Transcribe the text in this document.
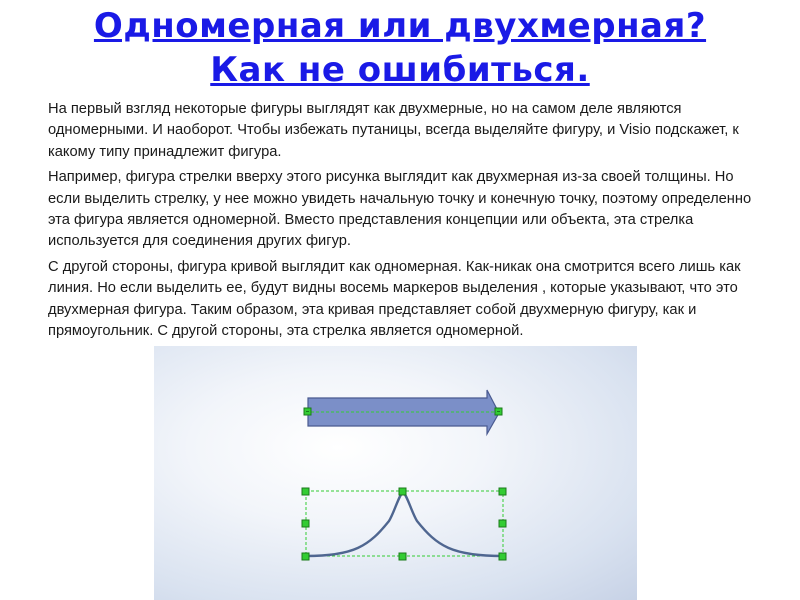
Одномерная или двухмерная?
Как не ошибиться.

На первый взгляд некоторые фигуры выглядят как двухмерные, но на самом деле являются одномерными. И наоборот. Чтобы избежать путаницы, всегда выделяйте фигуру, и Visio подскажет, к какому типу принадлежит фигура.

Например, фигура стрелки вверху этого рисунка выглядит как двухмерная из-за своей толщины. Но если выделить стрелку, у нее можно увидеть начальную точку и конечную точку, поэтому определенно эта фигура является одномерной. Вместо представления концепции или объекта, эта стрелка используется для соединения других фигур.

С другой стороны, фигура кривой выглядит как одномерная. Как-никак она смотрится всего лишь как линия. Но если выделить ее, будут видны восемь маркеров выделения , которые указывают, что это двухмерная фигура. Таким образом, эта кривая представляет собой двухмерную фигуру, как и прямоугольник. С другой стороны, эта стрелка является одномерной.
